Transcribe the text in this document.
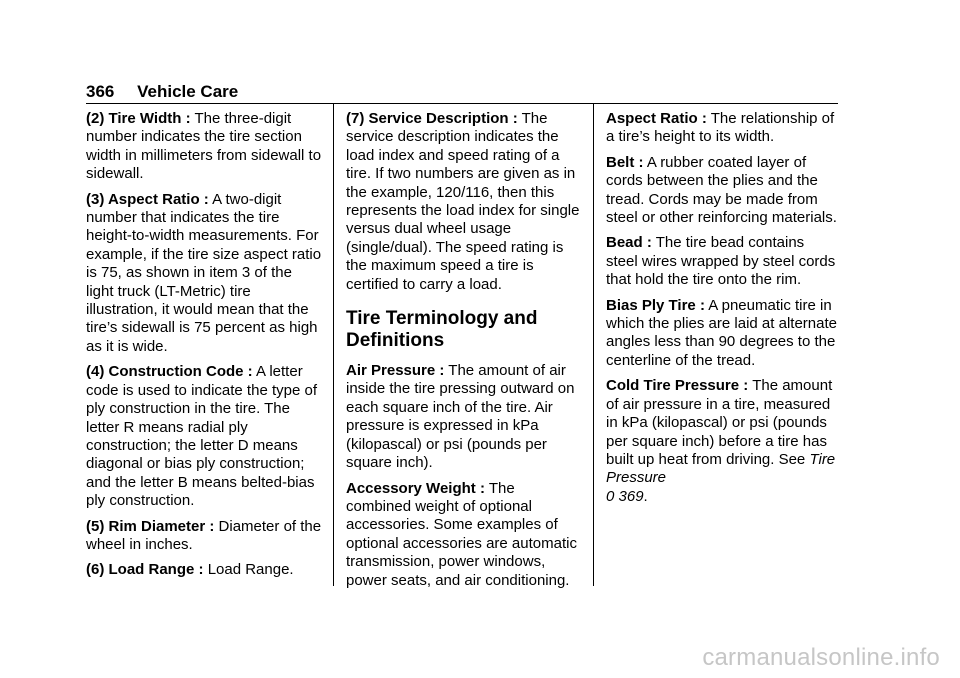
366 Vehicle Care

(2) Tire Width : The three-digit number indicates the tire section width in millimeters from sidewall to sidewall.

(3) Aspect Ratio : A two-digit number that indicates the tire height-to-width measurements. For example, if the tire size aspect ratio is 75, as shown in item 3 of the light truck (LT-Metric) tire illustration, it would mean that the tire’s sidewall is 75 percent as high as it is wide.

(4) Construction Code : A letter code is used to indicate the type of ply construction in the tire. The letter R means radial ply construction; the letter D means diagonal or bias ply construction; and the letter B means belted-bias ply construction.

(5) Rim Diameter : Diameter of the wheel in inches.

(6) Load Range : Load Range.

(7) Service Description : The service description indicates the load index and speed rating of a tire. If two numbers are given as in the example, 120/116, then this represents the load index for single versus dual wheel usage (single/dual). The speed rating is the maximum speed a tire is certified to carry a load.

Tire Terminology and Definitions

Air Pressure : The amount of air inside the tire pressing outward on each square inch of the tire. Air pressure is expressed in kPa (kilopascal) or psi (pounds per square inch).

Accessory Weight : The combined weight of optional accessories. Some examples of optional accessories are automatic transmission, power windows, power seats, and air conditioning.

Aspect Ratio : The relationship of a tire’s height to its width.

Belt : A rubber coated layer of cords between the plies and the tread. Cords may be made from steel or other reinforcing materials.

Bead : The tire bead contains steel wires wrapped by steel cords that hold the tire onto the rim.

Bias Ply Tire : A pneumatic tire in which the plies are laid at alternate angles less than 90 degrees to the centerline of the tread.

Cold Tire Pressure : The amount of air pressure in a tire, measured in kPa (kilopascal) or psi (pounds per square inch) before a tire has built up heat from driving. See Tire Pressure
0 369.

carmanualsonline.info
